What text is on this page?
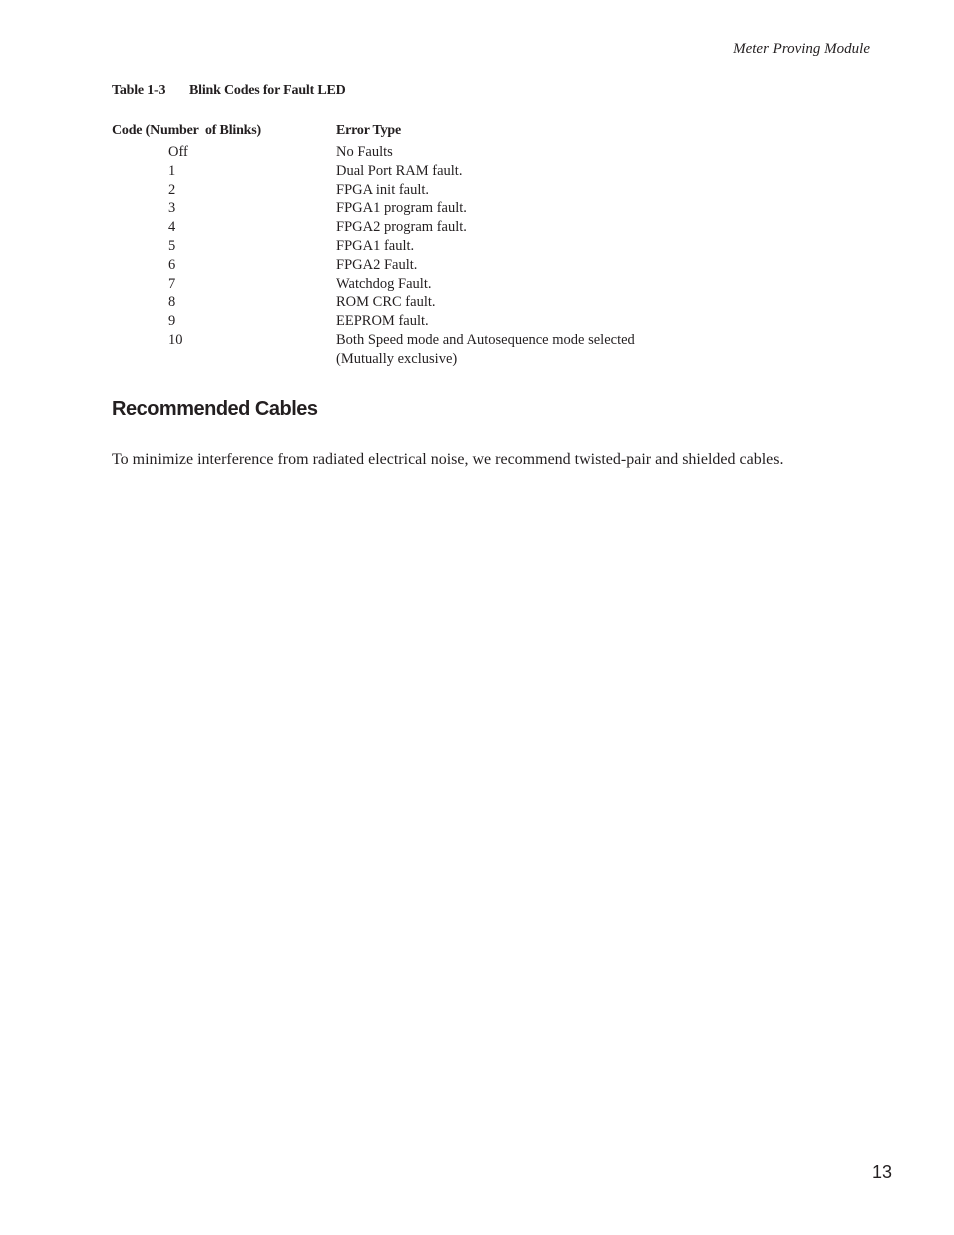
Meter Proving Module
Table 1-3 Blink Codes for Fault LED
Code (Number  of Blinks)	Error Type
Off	No Faults
1	Dual Port RAM fault.
2	FPGA init fault.
3	FPGA1 program fault.
4	FPGA2 program fault.
5	FPGA1 fault.
6	FPGA2 Fault.
7	Watchdog Fault.
8	ROM CRC fault.
9	EEPROM fault.
10	Both Speed mode and Autosequence mode selected
(Mutually exclusive)
Recommended Cables
To minimize interference from radiated electrical noise, we recommend twisted-pair and shielded cables.
13
